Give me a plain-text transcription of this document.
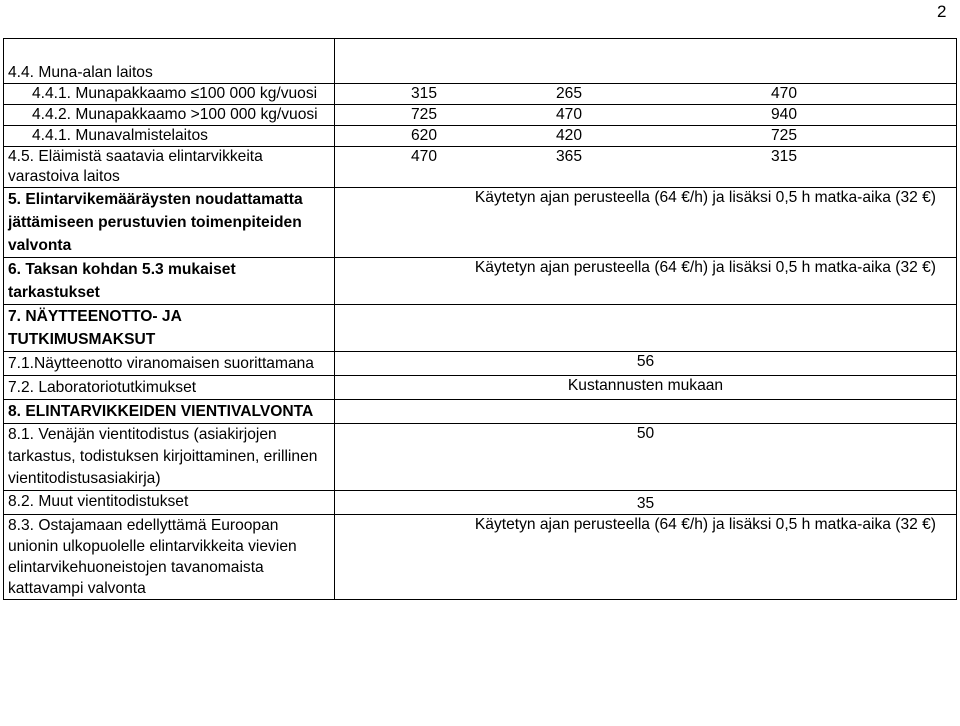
2

4.4. Muna-alan laitos	
4.4.1. Munapakkaamo ≤100 000 kg/vuosi	315 265 470

4.4.2. Munapakkaamo >100 000 kg/vuosi	725 470 940

4.4.1. Munavalmistelaitos	620 420 725

4.5. Eläimistä saatavia elintarvikkeita varastoiva laitos	470 365 315

5. Elintarvikemääräysten noudattamatta jättämiseen perustuvien toimenpiteiden valvonta	Käytetyn ajan perusteella (64 €/h) ja lisäksi 0,5 h matka-aika (32 €)
6. Taksan kohdan 5.3 mukaiset tarkastukset	Käytetyn ajan perusteella (64 €/h) ja lisäksi 0,5 h matka-aika (32 €)
7. NÄYTTEENOTTO- JA TUTKIMUSMAKSUT	
7.1.Näytteenotto viranomaisen suorittamana	56
7.2. Laboratoriotutkimukset	Kustannusten mukaan
8. ELINTARVIKKEIDEN VIENTIVALVONTA	
8.1. Venäjän vientitodistus (asiakirjojen tarkastus, todistuksen kirjoittaminen, erillinen vientitodistusasiakirja)	50
8.2. Muut vientitodistukset	35
8.3. Ostajamaan edellyttämä Euroopan unionin ulkopuolelle elintarvikkeita vievien elintarvikehuoneistojen tavanomaista kattavampi valvonta	Käytetyn ajan perusteella (64 €/h) ja lisäksi 0,5 h matka-aika (32 €)
